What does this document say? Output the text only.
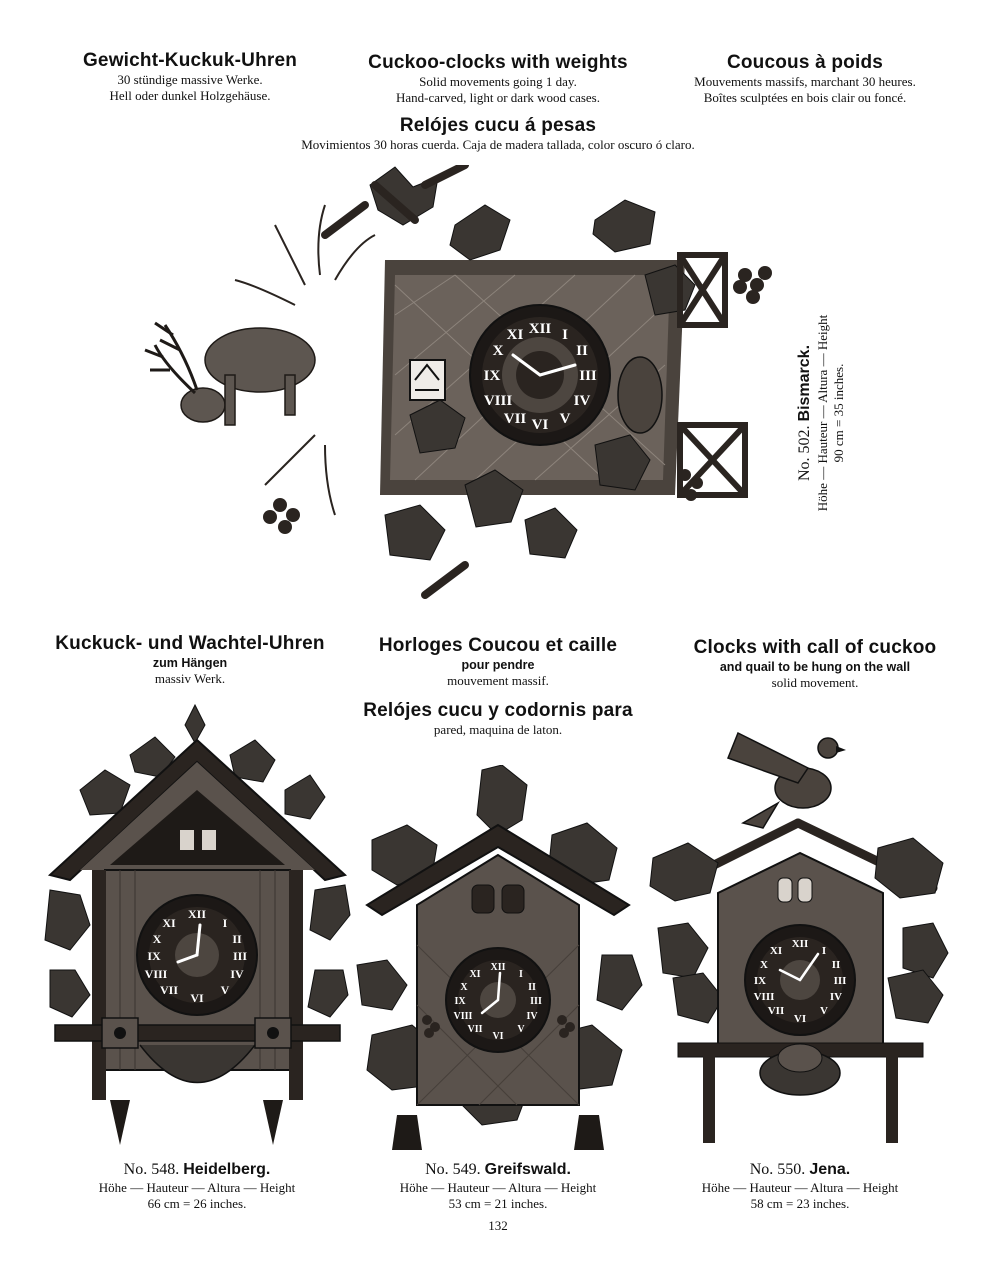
Gewicht-Kuckuk-Uhren
30 stündige massive Werke.
Hell oder dunkel Holzgehäuse.
Cuckoo-clocks with weights
Solid movements going 1 day.
Hand-carved, light or dark wood cases.
Coucous à poids
Mouvements massifs, marchant 30 heures.
Boîtes sculptées en bois clair ou foncé.
Relójes cucu á pesas
Movimientos 30 horas cuerda. Caja de madera tallada, color oscuro ó claro.
XII I
II
III
IV
V
VI
VII
VIII
IX
X
XI
No. 502. Bismarck. Höhe — Hauteur — Altura — Height 90 cm = 35 inches.
Kuckuck- und Wachtel-Uhren
zum Hängen
massiv Werk.
Horloges Coucou et caille
pour pendre
mouvement massif.
Clocks with call of cuckoo
and quail to be hung on the wall
solid movement.
Relójes cucu y codornis para
pared, maquina de laton.
XII
I
II
III
IV
V
VI
VII
VIII
IX
X
XI
XII
I
II
III
IV
V
VI
VII
VIII
IX
X
XI
XII
I
II
III
IV
V
VI
VII
VIII
IX
X
XI
No. 548. Heidelberg.
Höhe — Hauteur — Altura — Height
66 cm = 26 inches.
No. 549. Greifswald.
Höhe — Hauteur — Altura — Height
53 cm = 21 inches.
No. 550. Jena.
Höhe — Hauteur — Altura — Height
58 cm = 23 inches.
132
